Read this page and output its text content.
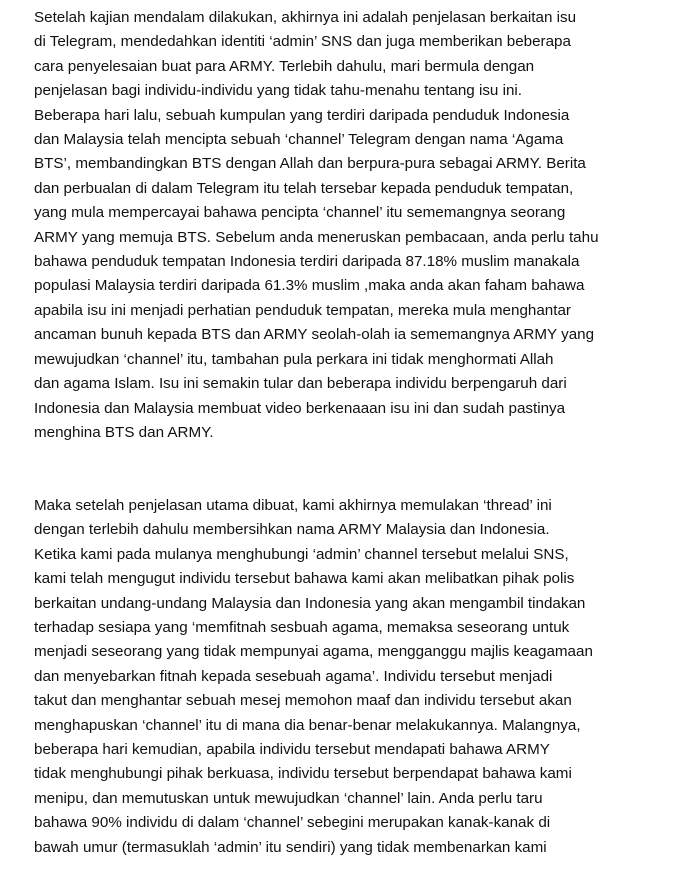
Setelah kajian mendalam dilakukan, akhirnya ini adalah penjelasan berkaitan isu
di Telegram, mendedahkan identiti ‘admin’ SNS dan juga memberikan beberapa
cara penyelesaian buat para ARMY. Terlebih dahulu, mari bermula dengan
penjelasan bagi individu-individu yang tidak tahu-menahu tentang isu ini.
Beberapa hari lalu, sebuah kumpulan yang terdiri daripada penduduk Indonesia
dan Malaysia telah mencipta sebuah ‘channel’ Telegram dengan nama ‘Agama
BTS’, membandingkan BTS dengan Allah dan berpura-pura sebagai ARMY. Berita
dan perbualan di dalam Telegram itu telah tersebar kepada penduduk tempatan,
yang mula mempercayai bahawa pencipta ‘channel’ itu sememangnya seorang
ARMY yang memuja BTS. Sebelum anda meneruskan pembacaan, anda perlu tahu
bahawa penduduk tempatan Indonesia terdiri daripada 87.18% muslim manakala
populasi Malaysia terdiri daripada 61.3% muslim ,maka anda akan faham bahawa
apabila isu ini menjadi perhatian penduduk tempatan, mereka mula menghantar
ancaman bunuh kepada BTS dan ARMY seolah-olah ia sememangnya ARMY yang
mewujudkan ‘channel’ itu, tambahan pula perkara ini tidak menghormati Allah
dan agama Islam. Isu ini semakin tular dan beberapa individu berpengaruh dari
Indonesia dan Malaysia membuat video berkenaaan isu ini dan sudah pastinya
menghina BTS dan ARMY.

Maka setelah penjelasan utama dibuat, kami akhirnya memulakan ‘thread’ ini
dengan terlebih dahulu membersihkan nama ARMY Malaysia dan Indonesia.
Ketika kami pada mulanya menghubungi ‘admin’ channel tersebut melalui SNS,
kami telah mengugut individu tersebut bahawa kami akan melibatkan pihak polis
berkaitan undang-undang Malaysia dan Indonesia yang akan mengambil tindakan
terhadap sesiapa yang ‘memfitnah sesbuah agama, memaksa seseorang untuk
menjadi seseorang yang tidak mempunyai agama, mengganggu majlis keagamaan
dan menyebarkan fitnah kepada sesebuah agama’. Individu tersebut menjadi
takut dan menghantar sebuah mesej memohon maaf dan individu tersebut akan
menghapuskan ‘channel’ itu di mana dia benar-benar melakukannya. Malangnya,
beberapa hari kemudian, apabila individu tersebut mendapati bahawa ARMY
tidak menghubungi pihak berkuasa, individu tersebut berpendapat bahawa kami
menipu, dan memutuskan untuk mewujudkan ‘channel’ lain. Anda perlu taru
bahawa 90% individu di dalam ‘channel’ sebegini merupakan kanak-kanak di
bawah umur (termasuklah ‘admin’ itu sendiri) yang tidak membenarkan kami
